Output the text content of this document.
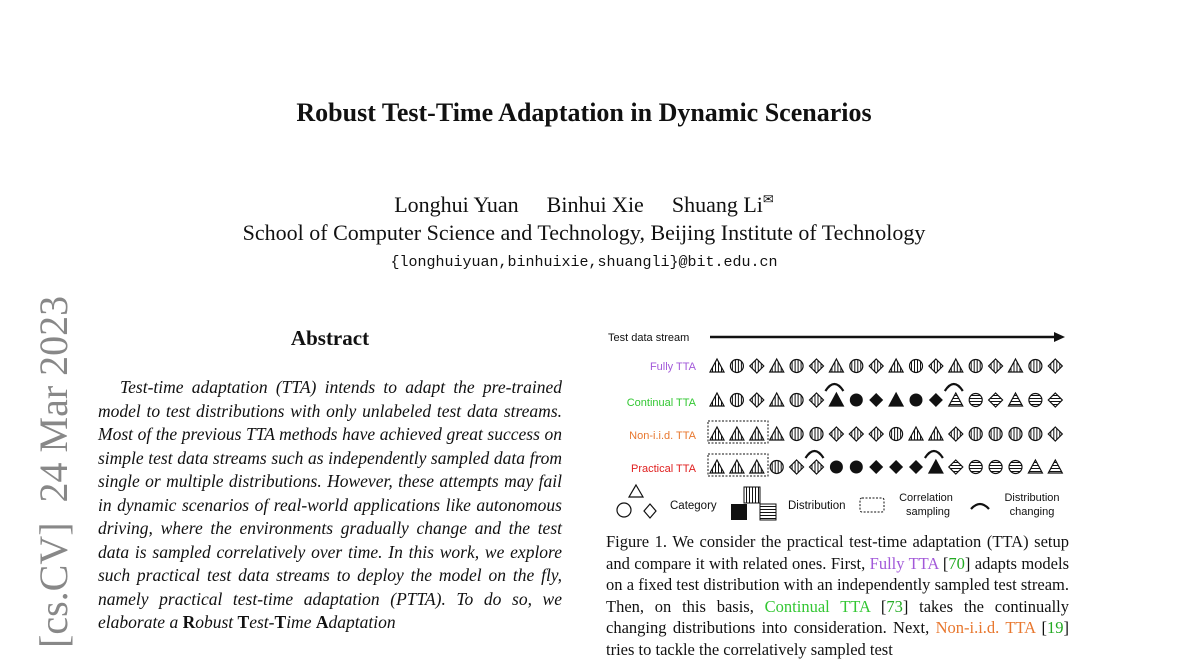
Robust Test-Time Adaptation in Dynamic Scenarios
Longhui Yuan Binhui Xie Shuang Li✉
School of Computer Science and Technology, Beijing Institute of Technology
{longhuiyuan,binhuixie,shuangli}@bit.edu.cn
[cs.CV]24 Mar 2023	Abstract

Test-time adaptation (TTA) intends to adapt the pre-trained model to test distributions with only unlabeled test data streams. Most of the previous TTA methods have achieved great success on simple test data streams such as independently sampled data from single or multiple distributions. However, these attempts may fail in dynamic scenarios of real-world applications like autonomous driving, where the environments gradually change and the test data is sampled correlatively over time. In this work, we explore such practical test data streams to deploy the model on the fly, namely practical test-time adaptation (PTTA). To do so, we elaborate a Robust Test-Time Adaptation

Test data stream
Fully TTA
Continual TTA
Non-i.i.d. TTA
Practical TTA
Category	Distribution
Correlation
sampling
Distribution
changing
Figure 1. We consider the practical test-time adaptation (TTA) setup and compare it with related ones. First, Fully TTA [70] adapts models on a fixed test distribution with an independently sampled test stream. Then, on this basis, Continual TTA [73] takes the continually changing distributions into consideration. Next, Non-i.i.d. TTA [19] tries to tackle the correlatively sampled test
